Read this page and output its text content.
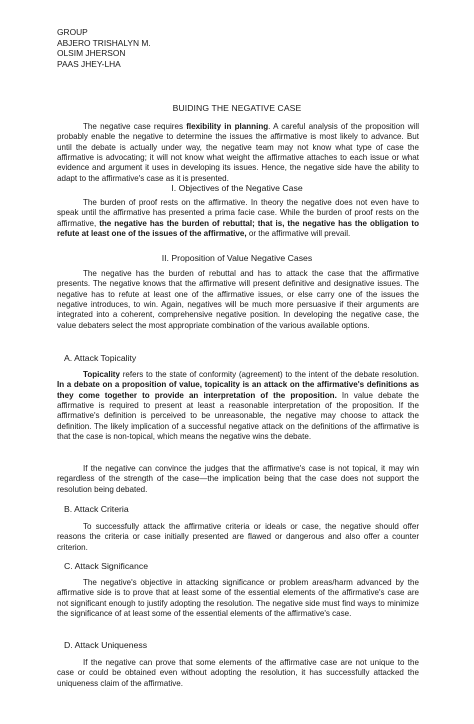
GROUP
ABJERO TRISHALYN M.
OLSIM JHERSON
PAAS JHEY-LHA
BUIDING THE NEGATIVE CASE

The negative case requires flexibility in planning. A careful analysis of the proposition will probably enable the negative to determine the issues the affirmative is most likely to advance. But until the debate is actually under way, the negative team may not know what type of case the affirmative is advocating; it will not know what weight the affirmative attaches to each issue or what evidence and argument it uses in developing its issues. Hence, the negative side have the ability to adapt to the affirmative's case as it is presented.

I. Objectives of the Negative Case

The burden of proof rests on the affirmative. In theory the negative does not even have to speak until the affirmative has presented a prima facie case. While the burden of proof rests on the affirmative, the negative has the burden of rebuttal; that is, the negative has the obligation to refute at least one of the issues of the affirmative, or the affirmative will prevail.

II. Proposition of Value Negative Cases

The negative has the burden of rebuttal and has to attack the case that the affirmative presents. The negative knows that the affirmative will present definitive and designative issues. The negative has to refute at least one of the affirmative issues, or else carry one of the issues the negative introduces, to win. Again, negatives will be much more persuasive if their arguments are integrated into a coherent, comprehensive negative position. In developing the negative case, the value debaters select the most appropriate combination of the various available options.

A. Attack Topicality

Topicality refers to the state of conformity (agreement) to the intent of the debate resolution. In a debate on a proposition of value, topicality is an attack on the affirmative's definitions as they come together to provide an interpretation of the proposition. In value debate the affirmative is required to present at least a reasonable interpretation of the proposition. If the affirmative's definition is perceived to be unreasonable, the negative may choose to attack the definition. The likely implication of a successful negative attack on the definitions of the affirmative is that the case is non-topical, which means the negative wins the debate.

If the negative can convince the judges that the affirmative's case is not topical, it may win regardless of the strength of the case—the implication being that the case does not support the resolution being debated.

B. Attack Criteria

To successfully attack the affirmative criteria or ideals or case, the negative should offer reasons the criteria or case initially presented are flawed or dangerous and also offer a counter criterion.

C. Attack Significance

The negative's objective in attacking significance or problem areas/harm advanced by the affirmative side is to prove that at least some of the essential elements of the affirmative's case are not significant enough to justify adopting the resolution. The negative side must find ways to minimize the significance of at least some of the essential elements of the affirmative's case.

D. Attack Uniqueness

If the negative can prove that some elements of the affirmative case are not unique to the case or could be obtained even without adopting the resolution, it has successfully attacked the uniqueness claim of the affirmative.
